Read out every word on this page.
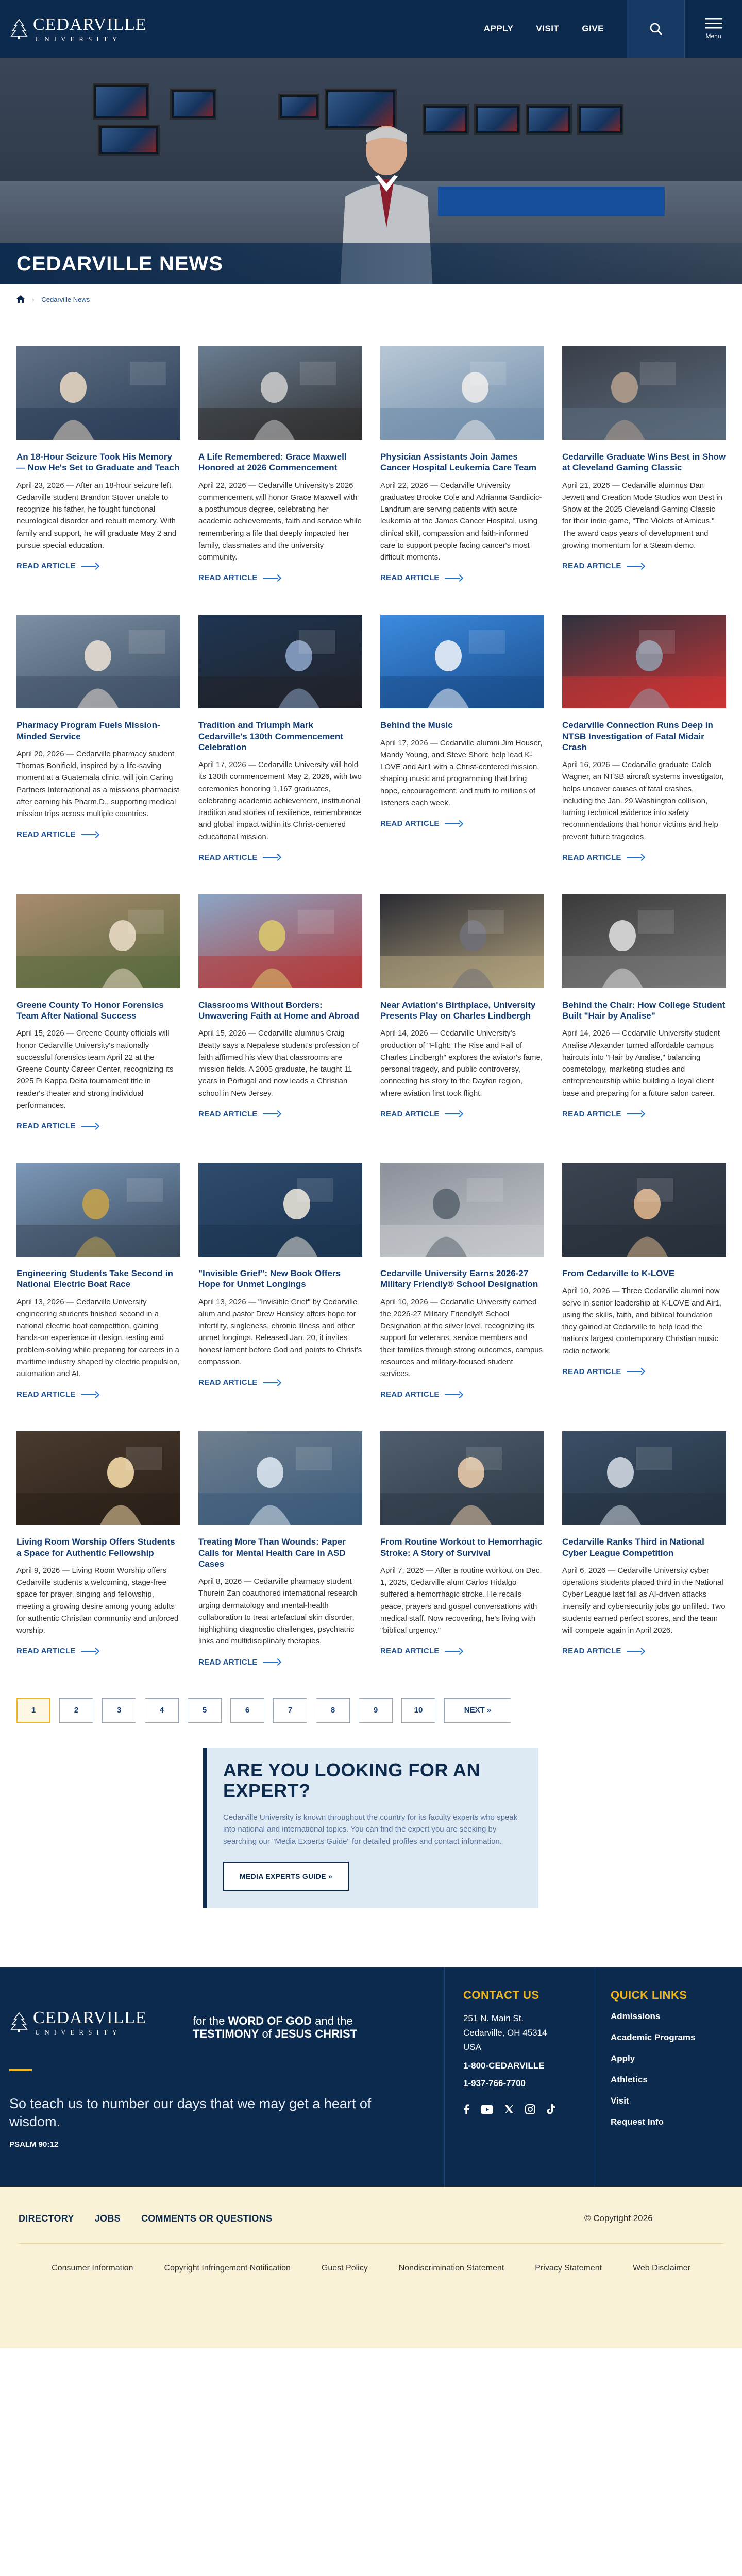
CEDARVILLE
UNIVERSITY
APPLY	VISIT	GIVE
Menu
CEDARVILLE NEWS
› Cedarville News
An 18-Hour Seizure Took His Memory — Now He's Set to Graduate and Teach

April 23, 2026 — After an 18-hour seizure left Cedarville student Brandon Stover unable to recognize his father, he fought functional neurological disorder and rebuilt memory. With family and support, he will graduate May 2 and pursue special education.

READ ARTICLE
A Life Remembered: Grace Maxwell Honored at 2026 Commencement

April 22, 2026 — Cedarville University's 2026 commencement will honor Grace Maxwell with a posthumous degree, celebrating her academic achievements, faith and service while remembering a life that deeply impacted her family, classmates and the university community.

READ ARTICLE
Physician Assistants Join James Cancer Hospital Leukemia Care Team

April 22, 2026 — Cedarville University graduates Brooke Cole and Adrianna Gardiicic-Landrum are serving patients with acute leukemia at the James Cancer Hospital, using clinical skill, compassion and faith-informed care to support people facing cancer's most difficult moments.

READ ARTICLE
Cedarville Graduate Wins Best in Show at Cleveland Gaming Classic

April 21, 2026 — Cedarville alumnus Dan Jewett and Creation Mode Studios won Best in Show at the 2025 Cleveland Gaming Classic for their indie game, "The Violets of Amicus." The award caps years of development and growing momentum for a Steam demo.

READ ARTICLE
Pharmacy Program Fuels Mission-Minded Service

April 20, 2026 — Cedarville pharmacy student Thomas Bonifield, inspired by a life-saving moment at a Guatemala clinic, will join Caring Partners International as a missions pharmacist after earning his Pharm.D., supporting medical mission trips across multiple countries.

READ ARTICLE
Tradition and Triumph Mark Cedarville's 130th Commencement Celebration

April 17, 2026 — Cedarville University will hold its 130th commencement May 2, 2026, with two ceremonies honoring 1,167 graduates, celebrating academic achievement, institutional tradition and stories of resilience, remembrance and global impact within its Christ-centered educational mission.

READ ARTICLE
Behind the Music

April 17, 2026 — Cedarville alumni Jim Houser, Mandy Young, and Steve Shore help lead K-LOVE and Air1 with a Christ-centered mission, shaping music and programming that bring hope, encouragement, and truth to millions of listeners each week.

READ ARTICLE
Cedarville Connection Runs Deep in NTSB Investigation of Fatal Midair Crash

April 16, 2026 — Cedarville graduate Caleb Wagner, an NTSB aircraft systems investigator, helps uncover causes of fatal crashes, including the Jan. 29 Washington collision, turning technical evidence into safety recommendations that honor victims and help prevent future tragedies.

READ ARTICLE
Greene County To Honor Forensics Team After National Success

April 15, 2026 — Greene County officials will honor Cedarville University's nationally successful forensics team April 22 at the Greene County Career Center, recognizing its 2025 Pi Kappa Delta tournament title in reader's theater and strong individual performances.

READ ARTICLE
Classrooms Without Borders: Unwavering Faith at Home and Abroad

April 15, 2026 — Cedarville alumnus Craig Beatty says a Nepalese student's profession of faith affirmed his view that classrooms are mission fields. A 2005 graduate, he taught 11 years in Portugal and now leads a Christian school in New Jersey.

READ ARTICLE
Near Aviation's Birthplace, University Presents Play on Charles Lindbergh

April 14, 2026 — Cedarville University's production of "Flight: The Rise and Fall of Charles Lindbergh" explores the aviator's fame, personal tragedy, and public controversy, connecting his story to the Dayton region, where aviation first took flight.

READ ARTICLE
Behind the Chair: How College Student Built "Hair by Analise"

April 14, 2026 — Cedarville University student Analise Alexander turned affordable campus haircuts into "Hair by Analise," balancing cosmetology, marketing studies and entrepreneurship while building a loyal client base and preparing for a future salon career.

READ ARTICLE
Engineering Students Take Second in National Electric Boat Race

April 13, 2026 — Cedarville University engineering students finished second in a national electric boat competition, gaining hands-on experience in design, testing and problem-solving while preparing for careers in a maritime industry shaped by electric propulsion, automation and AI.

READ ARTICLE
"Invisible Grief": New Book Offers Hope for Unmet Longings

April 13, 2026 — "Invisible Grief" by Cedarville alum and pastor Drew Hensley offers hope for infertility, singleness, chronic illness and other unmet longings. Released Jan. 20, it invites honest lament before God and points to Christ's compassion.

READ ARTICLE
Cedarville University Earns 2026-27 Military Friendly® School Designation

April 10, 2026 — Cedarville University earned the 2026-27 Military Friendly® School Designation at the silver level, recognizing its support for veterans, service members and their families through strong outcomes, campus resources and military-focused student services.

READ ARTICLE
From Cedarville to K-LOVE

April 10, 2026 — Three Cedarville alumni now serve in senior leadership at K-LOVE and Air1, using the skills, faith, and biblical foundation they gained at Cedarville to help lead the nation's largest contemporary Christian music radio network.

READ ARTICLE
Living Room Worship Offers Students a Space for Authentic Fellowship

April 9, 2026 — Living Room Worship offers Cedarville students a welcoming, stage-free space for prayer, singing and fellowship, meeting a growing desire among young adults for authentic Christian community and unforced worship.

READ ARTICLE
Treating More Than Wounds: Paper Calls for Mental Health Care in ASD Cases

April 8, 2026 — Cedarville pharmacy student Thurein Zan coauthored international research urging dermatology and mental-health collaboration to treat artefactual skin disorder, highlighting diagnostic challenges, psychiatric links and multidisciplinary therapies.

READ ARTICLE
From Routine Workout to Hemorrhagic Stroke: A Story of Survival

April 7, 2026 — After a routine workout on Dec. 1, 2025, Cedarville alum Carlos Hidalgo suffered a hemorrhagic stroke. He recalls peace, prayers and gospel conversations with medical staff. Now recovering, he's living with "biblical urgency."

READ ARTICLE
Cedarville Ranks Third in National Cyber League Competition

April 6, 2026 — Cedarville University cyber operations students placed third in the National Cyber League last fall as AI-driven attacks intensify and cybersecurity jobs go unfilled. Two students earned perfect scores, and the team will compete again in April 2026.

READ ARTICLE
1	2	3	4	5	6	7	8	9	10	NEXT »
ARE YOU LOOKING FOR AN EXPERT?

Cedarville University is known throughout the country for its faculty experts who speak into national and international topics. You can find the expert you are seeking by searching our "Media Experts Guide" for detailed profiles and contact information.

MEDIA EXPERTS GUIDE »
CEDARVILLE
UNIVERSITY
for the WORD OF GOD and the
TESTIMONY of JESUS CHRIST
So teach us to number our days that we may get a heart of wisdom.
PSALM 90:12
CONTACT US
251 N. Main St.
Cedarville, OH 45314
USA
1-800-CEDARVILLE
1-937-766-7700
QUICK LINKS
Admissions
Academic Programs
Apply
Athletics
Visit
Request Info
DIRECTORY JOBS COMMENTS OR QUESTIONS	© Copyright 2026
Consumer Information	Copyright Infringement Notification	Guest Policy	Nondiscrimination Statement	Privacy Statement	Web Disclaimer
